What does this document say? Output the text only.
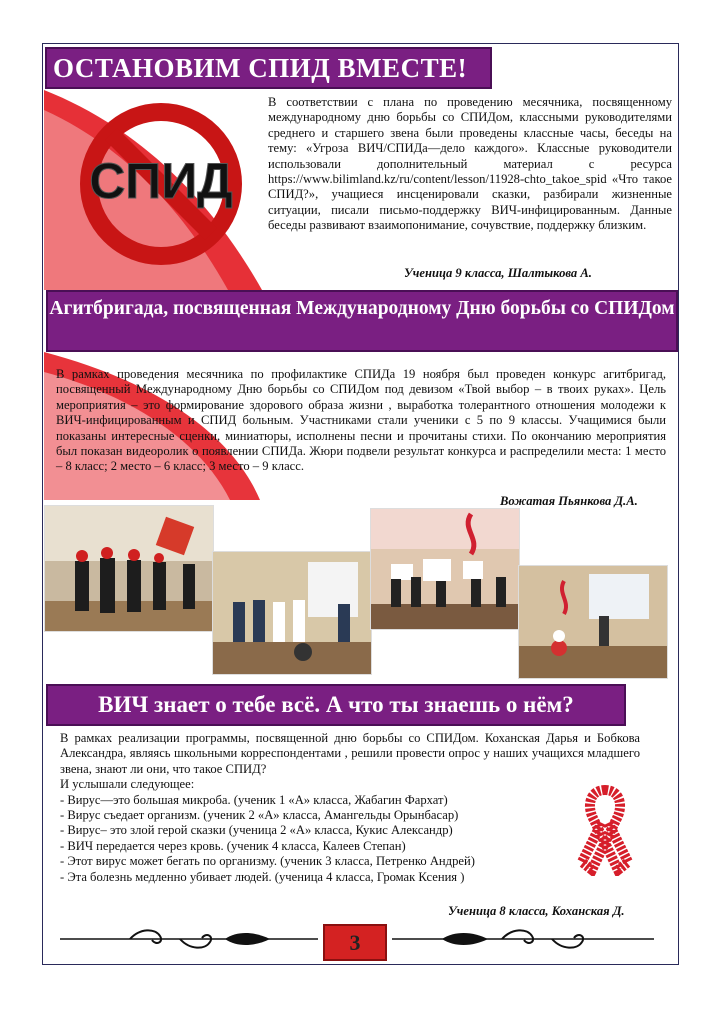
ОСТАНОВИМ СПИД ВМЕСТЕ!
СПИД
В соответствии с плана по проведению месячника, посвященному международному дню борьбы со СПИДом, классными руководителями среднего и старшего звена были проведены классные часы, беседы на тему: «Угроза ВИЧ/СПИДа—дело каждого». Классные руководители использовали дополнительный материал с ресурса https://www.bilimland.kz/ru/content/lesson/11928-chto_takoe_spid «Что такое СПИД?», учащиеся инсценировали сказки, разбирали жизненные ситуации, писали письмо-поддержку ВИЧ-инфицированным. Данные беседы развивают взаимопонимание, сочувствие, поддержку близким.
Ученица 9 класса, Шалтыкова А.
Агитбригада, посвященная Международному Дню борьбы со СПИДом
В рамках проведения месячника по профилактике СПИДа 19 ноября был проведен конкурс агитбригад, посвященный Международному Дню борьбы со СПИДом под девизом «Твой выбор – в твоих руках». Цель мероприятия – это формирование здорового образа жизни , выработка толерантного отношения молодежи к ВИЧ-инфицированным и СПИД больным. Участниками стали ученики с 5 по 9 классы. Учащимися были показаны интересные сценки, миниатюры, исполнены песни и прочитаны стихи. По окончанию мероприятия был показан видеоролик о появлении СПИДа. Жюри подвели результат конкурса и распределили места: 1 место – 8 класс; 2 место – 6 класс; 3 место – 9 класс.
Вожатая Пьянкова Д.А.
ВИЧ знает о тебе всё. А что ты знаешь о нём?

В рамках реализации программы, посвященной дню борьбы со СПИДом. Коханская Дарья и Бобкова Александра, являясь школьными корреспондентами , решили провести опрос у наших учащихся младшего звена, знают ли они, что такое СПИД?

И услышали следующее:

- Вирус—это большая микроба. (ученик 1 «А» класса, Жабагин Фархат)

- Вирус съедает организм. (ученик 2 «А» класса, Амангельды Орынбасар)

- Вирус– это злой герой сказки (ученица 2 «А» класса, Кукис Александр)

- ВИЧ передается через кровь. (ученик 4 класса, Калеев Степан)

- Этот вирус может бегать по организму. (ученик 3 класса, Петренко Андрей)

- Эта болезнь медленно убивает людей. (ученица 4 класса, Громак Ксения )

Ученица 8 класса, Коханская Д.
3
